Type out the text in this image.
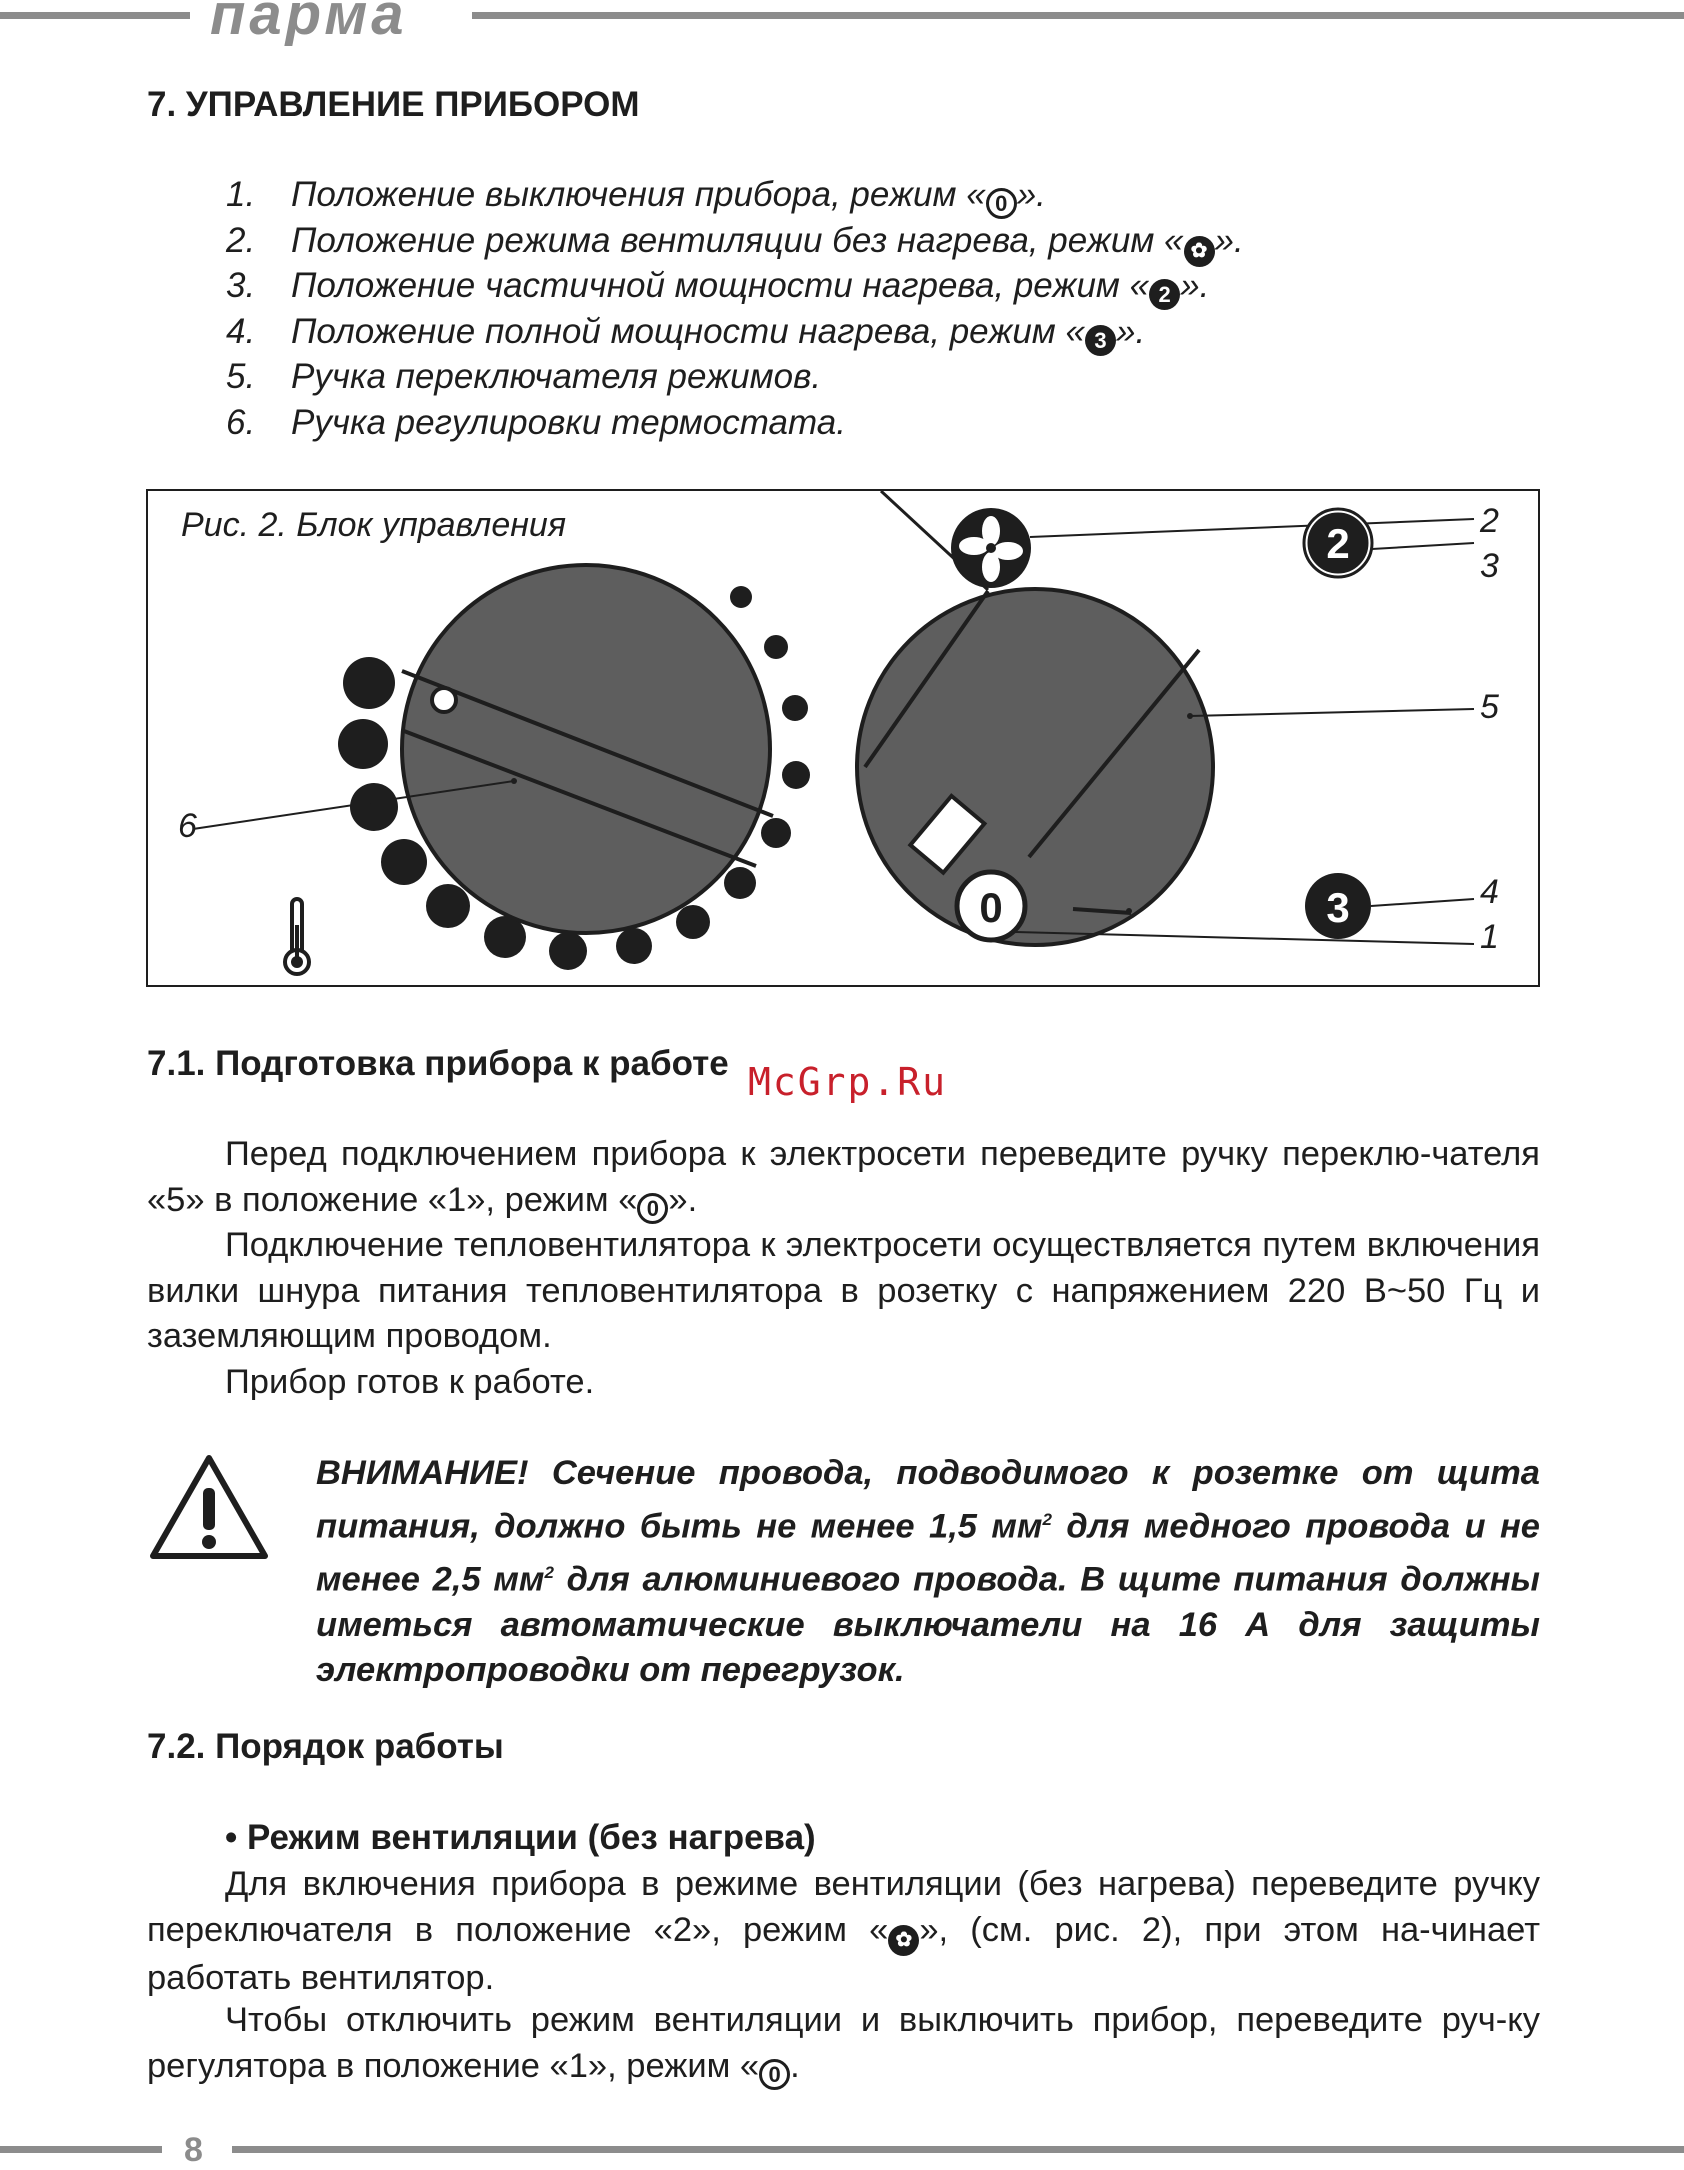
парма
7. УПРАВЛЕНИЕ ПРИБОРОМ
1. Положение выключения прибора, режим « 0 ».
2. Положение режима вентиляции без нагрева, режим « ✿ ».
3. Положение частичной мощности нагрева, режим « 2 ».
4. Положение полной мощности нагрева, режим « 3 ».
5. Ручка переключателя режимов.
6. Ручка регулировки термостата.
Рис. 2. Блок управления
6
2
0	3
2
3
5
4
1
7.1. Подготовка прибора к работе McGrp.Ru

Перед подключением прибора к электросети переведите ручку переклю-чателя «5» в положение «1», режим « 0 ».

Подключение тепловентилятора к электросети осуществляется путем включения вилки шнура питания тепловентилятора в розетку с напряжением 220 В~50 Гц и заземляющим проводом.

Прибор готов к работе.

ВНИМАНИЕ! Сечение провода, подводимого к розетке от щита питания, должно быть не менее 1,5 $мм^2$ для медного провода и не менее 2,5 $мм^2$ для алюминиевого провода. В щите питания должны иметься автоматические выключатели на 16 А для защиты электропроводки от перегрузок.

7.2. Порядок работы
• Режим вентиляции (без нагрева)

Для включения прибора в режиме вентиляции (без нагрева) переведите ручку переключателя в положение «2», режим « ✿ », (см. рис. 2), при этом на-чинает работать вентилятор.

Чтобы отключить режим вентиляции и выключить прибор, переведите руч-ку регулятора в положение «1», режим « 0 .

8
